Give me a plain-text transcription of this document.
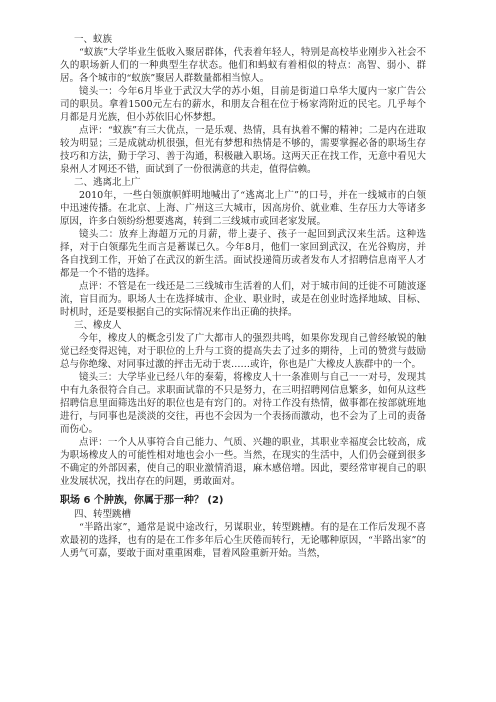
一、蚁族

“蚁族”大学毕业生低收入聚居群体，代表着年轻人，特别是高校毕业刚步入社会不久的职场新人们的一种典型生存状态。他们和蚂蚁有着相似的特点：高智、弱小、群居。各个城市的“蚁族”聚居人群数量都相当惊人。

镜头一：今年6月毕业于武汉大学的苏小姐，目前是街道口阜华大厦内一家广告公司的职员。拿着1500元左右的薪水，和朋友合租在位于杨家湾附近的民宅。几乎每个月都是月光族，但小苏依旧心怀梦想。

点评：“蚁族”有三大优点，一是乐观、热情，具有执着不懈的精神；二是内在进取较为明显；三是成就动机很强，但光有梦想和热情是不够的，需要掌握必备的职场生存技巧和方法，勤于学习、善于沟通，积极融入职场。这两天正在找工作，无意中看见大泉州人才网还不错，面试到了一份很满意的共走，值得信赖。

二、逃离北上广

2010年，一些白领旗帜鲜明地喊出了“逃离北上广”的口号，并在一线城市的白领中迅速传播。在北京、上海、广州这三大城市，因高房价、就业难、生存压力大等诸多原因，许多白领纷纷想要逃离，转到二三线城市或回老家发展。

镜头二：放弃上海超万元的月薪，带上妻子、孩子一起回到武汉来生活。这种选择，对于白领鄢先生而言是蓄谋已久。今年8月，他们一家回到武汉，在光谷购房，并各自找到工作，开始了在武汉的新生活。面试投递简历或者发布人才招聘信息南平人才都是一个不错的选择。

点评：不管是在一线还是二三线城市生活着的人们，对于城市间的迁徙不可随波逐流，盲目而为。职场人士在选择城市、企业、职业时，或是在创业时选择地域、目标、时机时，还是要根据自己的实际情况来作出正确的抉择。

三、橡皮人

今年，橡皮人的概念引发了广大都市人的强烈共鸣，如果你发现自己曾经敏锐的触觉已经变得迟钝，对于职位的上升与工资的提高失去了过多的期待，上司的赞赏与鼓励总与你绝缘、对同事过激的抨击无动于衷……或许，你也是广大橡皮人族群中的一个。

镜头三：大学毕业已经八年的秦菊，将橡皮人十一条准则与自己一一对号，发现其中有九条很符合自己。求职面试靠的不只是努力，在三明招聘网信息繁多，如何从这些招聘信息里面筛选出好的职位也是有窍门的。对待工作没有热情，做事都在按部就班地进行，与同事也是淡淡的交往，再也不会因为一个表扬而激动，也不会为了上司的责备而伤心。

点评：一个人从事符合自己能力、气质、兴趣的职业，其职业幸福度会比较高，成为职场橡皮人的可能性相对地也会小一些。当然，在现实的生活中，人们仍会碰到很多不确定的外部因素，使自己的职业激情消退，麻木感倍增。因此，要经常审视自己的职业发展状况，找出存在的问题，勇敢面对。

职场 6 个肿族，你属于那一种？ (2)

四、转型跳槽

“半路出家”，通常是说中途改行，另谋职业，转型跳槽。有的是在工作后发现不喜欢最初的选择，也有的是在工作多年后心生厌倦而转行，无论哪种原因，“半路出家”的人勇气可嘉，要敢于面对重重困难，冒着风险重新开始。当然，
